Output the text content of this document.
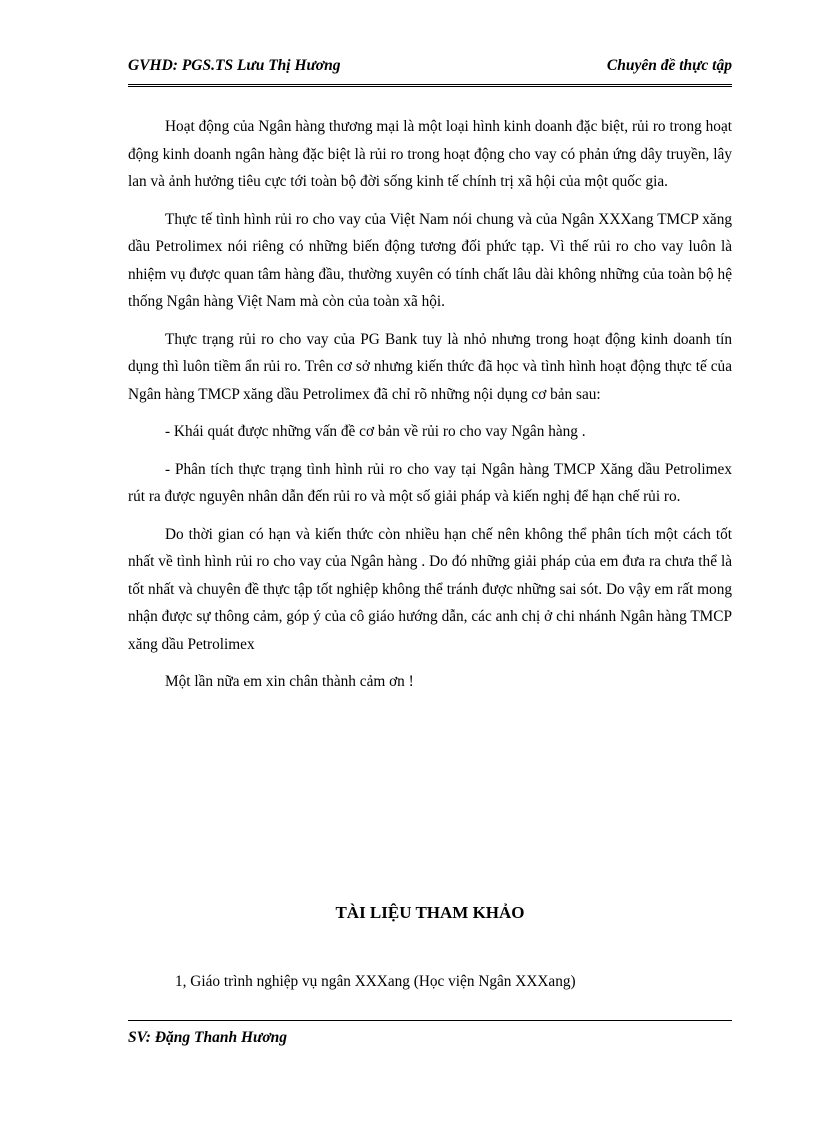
GVHD: PGS.TS Lưu Thị Hương	Chuyên đề thực tập

Hoạt động của Ngân hàng thương mại là một loại hình kinh doanh đặc biệt, rủi ro trong hoạt động kinh doanh ngân hàng đặc biệt là rủi ro trong hoạt động cho vay có phản ứng dây truyền, lây lan và ảnh hưởng tiêu cực tới toàn bộ đời sống kinh tế chính trị xã hội của một quốc gia.

Thực tế tình hình rủi ro cho vay của Việt Nam nói chung và của Ngân XXXang TMCP xăng dầu Petrolimex nói riêng có những biến động tương đối phức tạp. Vì thế rủi ro cho vay luôn là nhiệm vụ được quan tâm hàng đầu, thường xuyên có tính chất lâu dài không những của toàn bộ hệ thống Ngân hàng Việt Nam mà còn của toàn xã hội.

Thực trạng rủi ro cho vay của PG Bank tuy là nhỏ nhưng trong hoạt động kinh doanh tín dụng thì luôn tiềm ẩn rủi ro. Trên cơ sở nhưng kiến thức đã học và tình hình hoạt động thực tế của Ngân hàng TMCP xăng dầu Petrolimex đã chỉ rõ những nội dụng cơ bản sau:

- Khái quát được những vấn đề cơ bản về rủi ro cho vay Ngân hàng .

- Phân tích thực trạng tình hình rủi ro cho vay tại Ngân hàng TMCP Xăng dầu Petrolimex rút ra được nguyên nhân dẫn đến rủi ro và một số giải pháp và kiến nghị để hạn chế rủi ro.

Do thời gian có hạn và kiến thức còn nhiều hạn chế nên không thể phân tích một cách tốt nhất về tình hình rủi ro cho vay của Ngân hàng . Do đó những giải pháp của em đưa ra chưa thể là tốt nhất và chuyên đề thực tập tốt nghiệp không thể tránh được những sai sót. Do vậy em rất mong nhận được sự thông cảm, góp ý của cô giáo hướng dẫn, các anh chị ở chi nhánh Ngân hàng TMCP xăng dầu Petrolimex

Một lần nữa em xin chân thành cảm ơn !

TÀI LIỆU THAM KHẢO
1, Giáo trình nghiệp vụ ngân XXXang (Học viện Ngân XXXang)
SV: Đặng Thanh Hương
